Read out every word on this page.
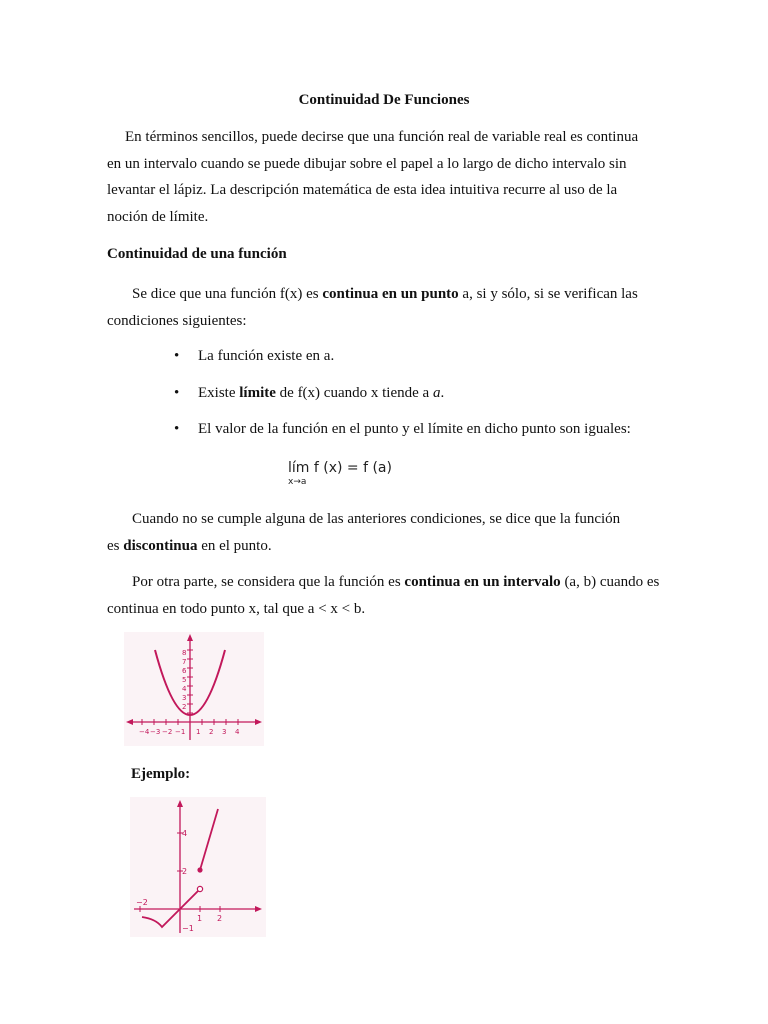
Continuidad De Funciones
En términos sencillos, puede decirse que una función real de variable real es continua
en un intervalo cuando se puede dibujar sobre el papel a lo largo de dicho intervalo sin
levantar el lápiz. La descripción matemática de esta idea intuitiva recurre al uso de la
noción de límite.
Continuidad de una función
Se dice que una función f(x) es continua en un punto a, si y sólo, si se verifican las
condiciones siguientes:
• La función existe en a.
• Existe límite de f(x) cuando x tiende a a.
• El valor de la función en el punto y el límite en dicho punto son iguales:
lím
x→a
f (x) = f (a)
Cuando no se cumple alguna de las anteriores condiciones, se dice que la función
es discontinua en el punto.
Por otra parte, se considera que la función es continua en un intervalo (a, b) cuando es
continua en todo punto x, tal que a < x < b.
−4 −3 −2 −1 1 2 3 4
2
3
4
5
6
7
8
Ejemplo:
−2
1 2
2
4
−1
